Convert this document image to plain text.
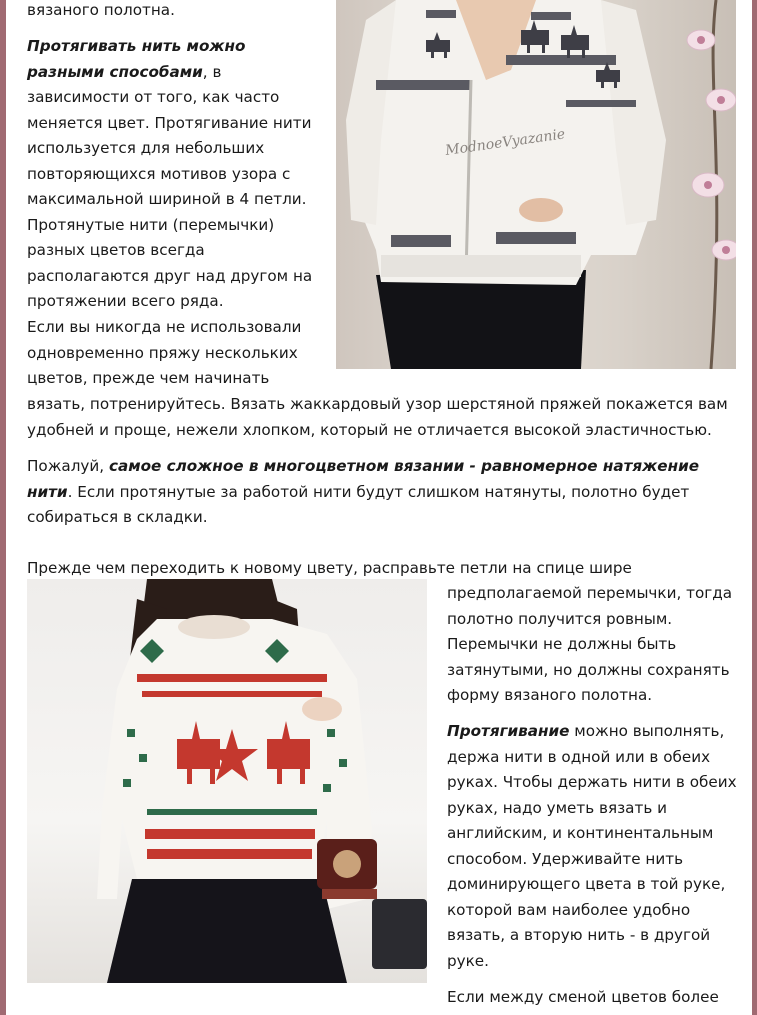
ModnoeVyazanie

вязаного полотна.

Протягивать нить можно разными способами, в зависимости от того, как часто меняется цвет. Протягивание нити используется для небольших повторяющихся мотивов узора с максимальной шириной в 4 петли. Протянутые нити (перемычки) разных цветов всегда располагаются друг над другом на протяжении всего ряда.

Если вы никогда не использовали одновременно пряжу нескольких цветов, прежде чем начинать

вязать, потренируйтесь. Вязать жаккардовый узор шерстяной пряжей покажется вам удобней и проще, нежели хлопком, который не отличается высокой эластичностью.

Пожалуй, самое сложное в многоцветном вязании - равномерное натяжение нити. Если протянутые за работой нити будут слишком натянуты, полотно будет собираться в складки.

Прежде чем переходить к новому цвету, расправьте петли на спице шире

предполагаемой перемычки, тогда полотно получится ровным. Перемычки не должны быть затянутыми, но должны сохранять форму вязаного полотна.

Протягивание можно выполнять, держа нити в одной или в обеих руках. Чтобы держать нити в обеих руках, надо уметь вязать и английским, и континентальным способом. Удерживайте нить доминирующего цвета в той руке, которой вам наиболее удобно вязать, а вторую нить - в другой руке.

Если между сменой цветов более
